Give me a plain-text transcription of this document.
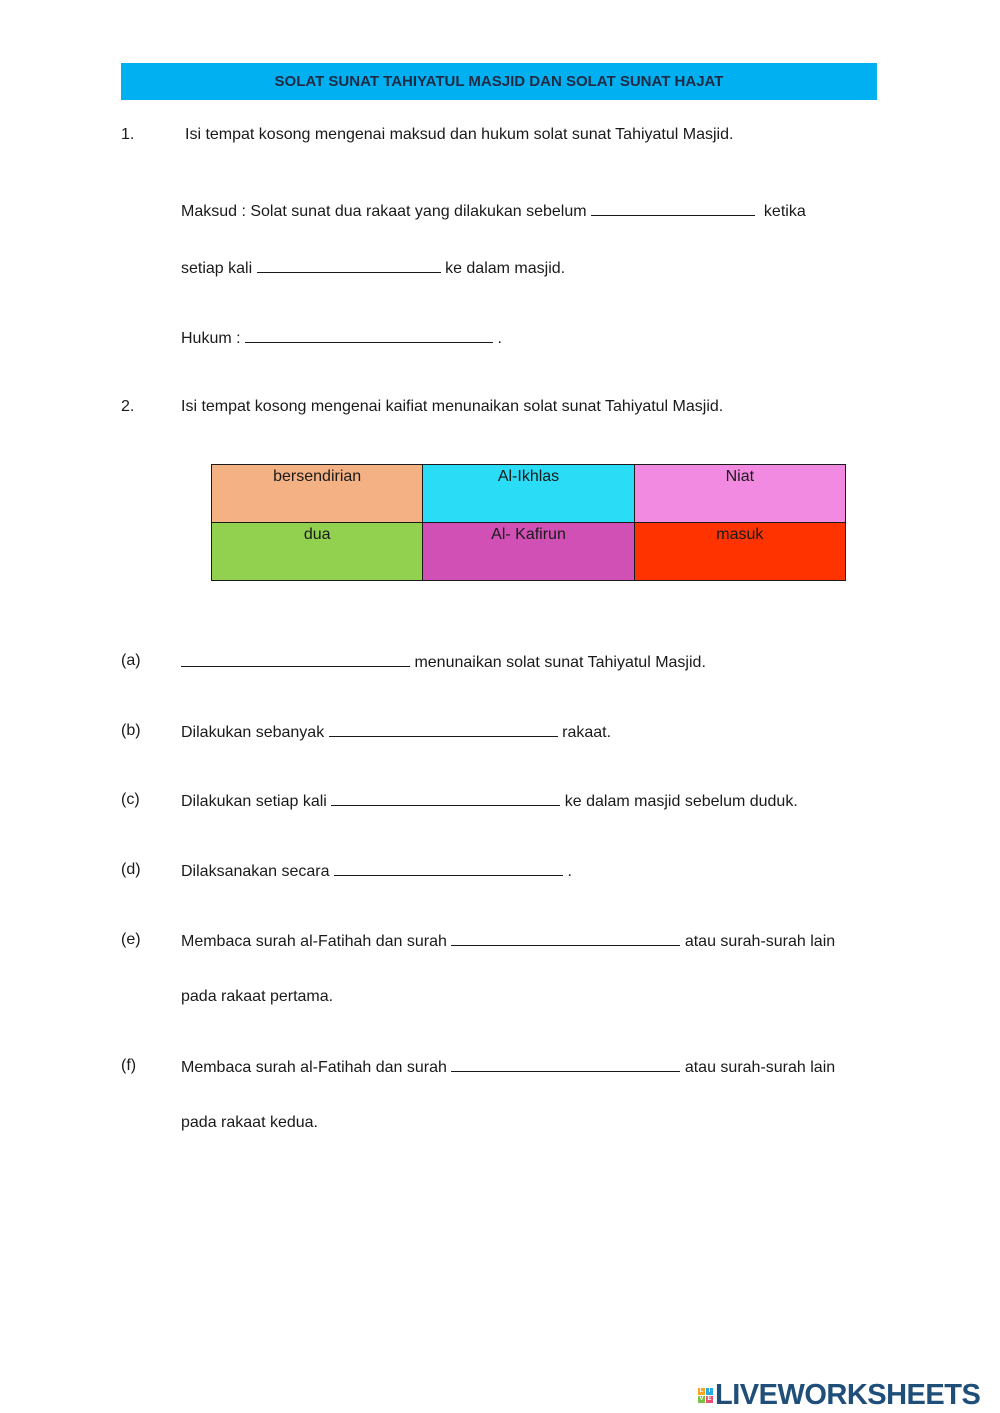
SOLAT SUNAT TAHIYATUL MASJID DAN SOLAT SUNAT HAJAT
1.	Isi tempat kosong mengenai maksud dan hukum solat sunat Tahiyatul Masjid.
Maksud : Solat sunat dua rakaat yang dilakukan sebelum	ketika
setiap kali	ke dalam masjid.
Hukum :	.
2.	Isi tempat kosong mengenai kaifiat menunaikan solat sunat Tahiyatul Masjid.
bersendirian	Al-Ikhlas	Niat
dua	Al- Kafirun	masuk
(a)	menunaikan solat sunat Tahiyatul Masjid.
(b)	Dilakukan sebanyak	rakaat.
(c)	Dilakukan setiap kali	ke dalam masjid sebelum duduk.
(d)	Dilaksanakan secara	.
(e)	Membaca surah al-Fatihah dan surah	atau surah-surah lain
pada rakaat pertama.
(f)	Membaca surah al-Fatihah dan surah	atau surah-surah lain
pada rakaat kedua.
L
V
I
E LIVEWORKSHEETS
